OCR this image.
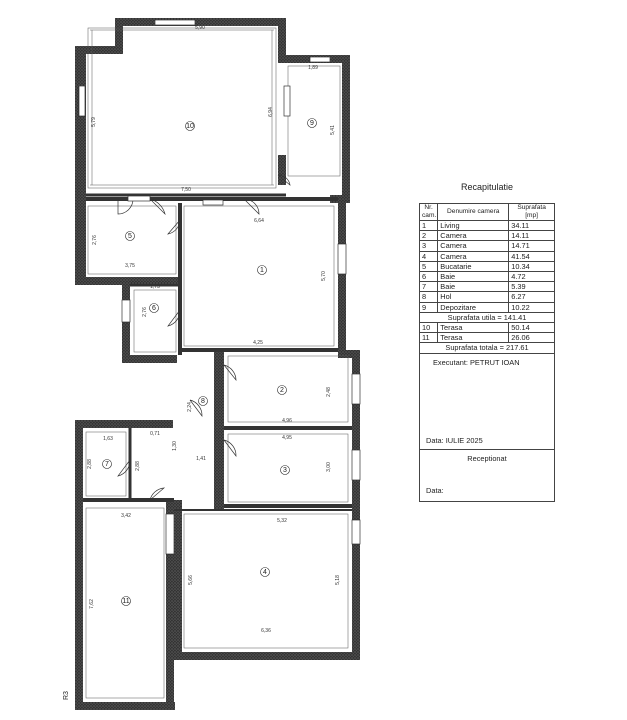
10	9
5
1
6
2
8
3
7
4
11
5,90
5,79
7,50
6,94
1,89
5,41
6,64
5,70
3,75
2,76
1,73
2,76
4,25
4,96
2,48
4,95
3,00
0,71
1,63
2,88	2,88
1,30
1,41
3,42
5,32
7,62
5,66	5,18
6,36
2,24
R3
Recapitulatie
Nr. cam.	Denumire camera	Suprafata [mp]
1	Living	34.11
2	Camera	14.11
3	Camera	14.71
4	Camera	41.54
5	Bucatarie	10.34
6	Baie	4.72
7	Baie	5.39
8	Hol	6.27
9	Depozitare	10.22
Suprafata utila = 141.41		
10	Terasa	50.14
11	Terasa	26.06
Suprafata totala = 217.61		
Executant: PETRUT IOAN
Data: IULIE 2025
Receptionat
Data:
